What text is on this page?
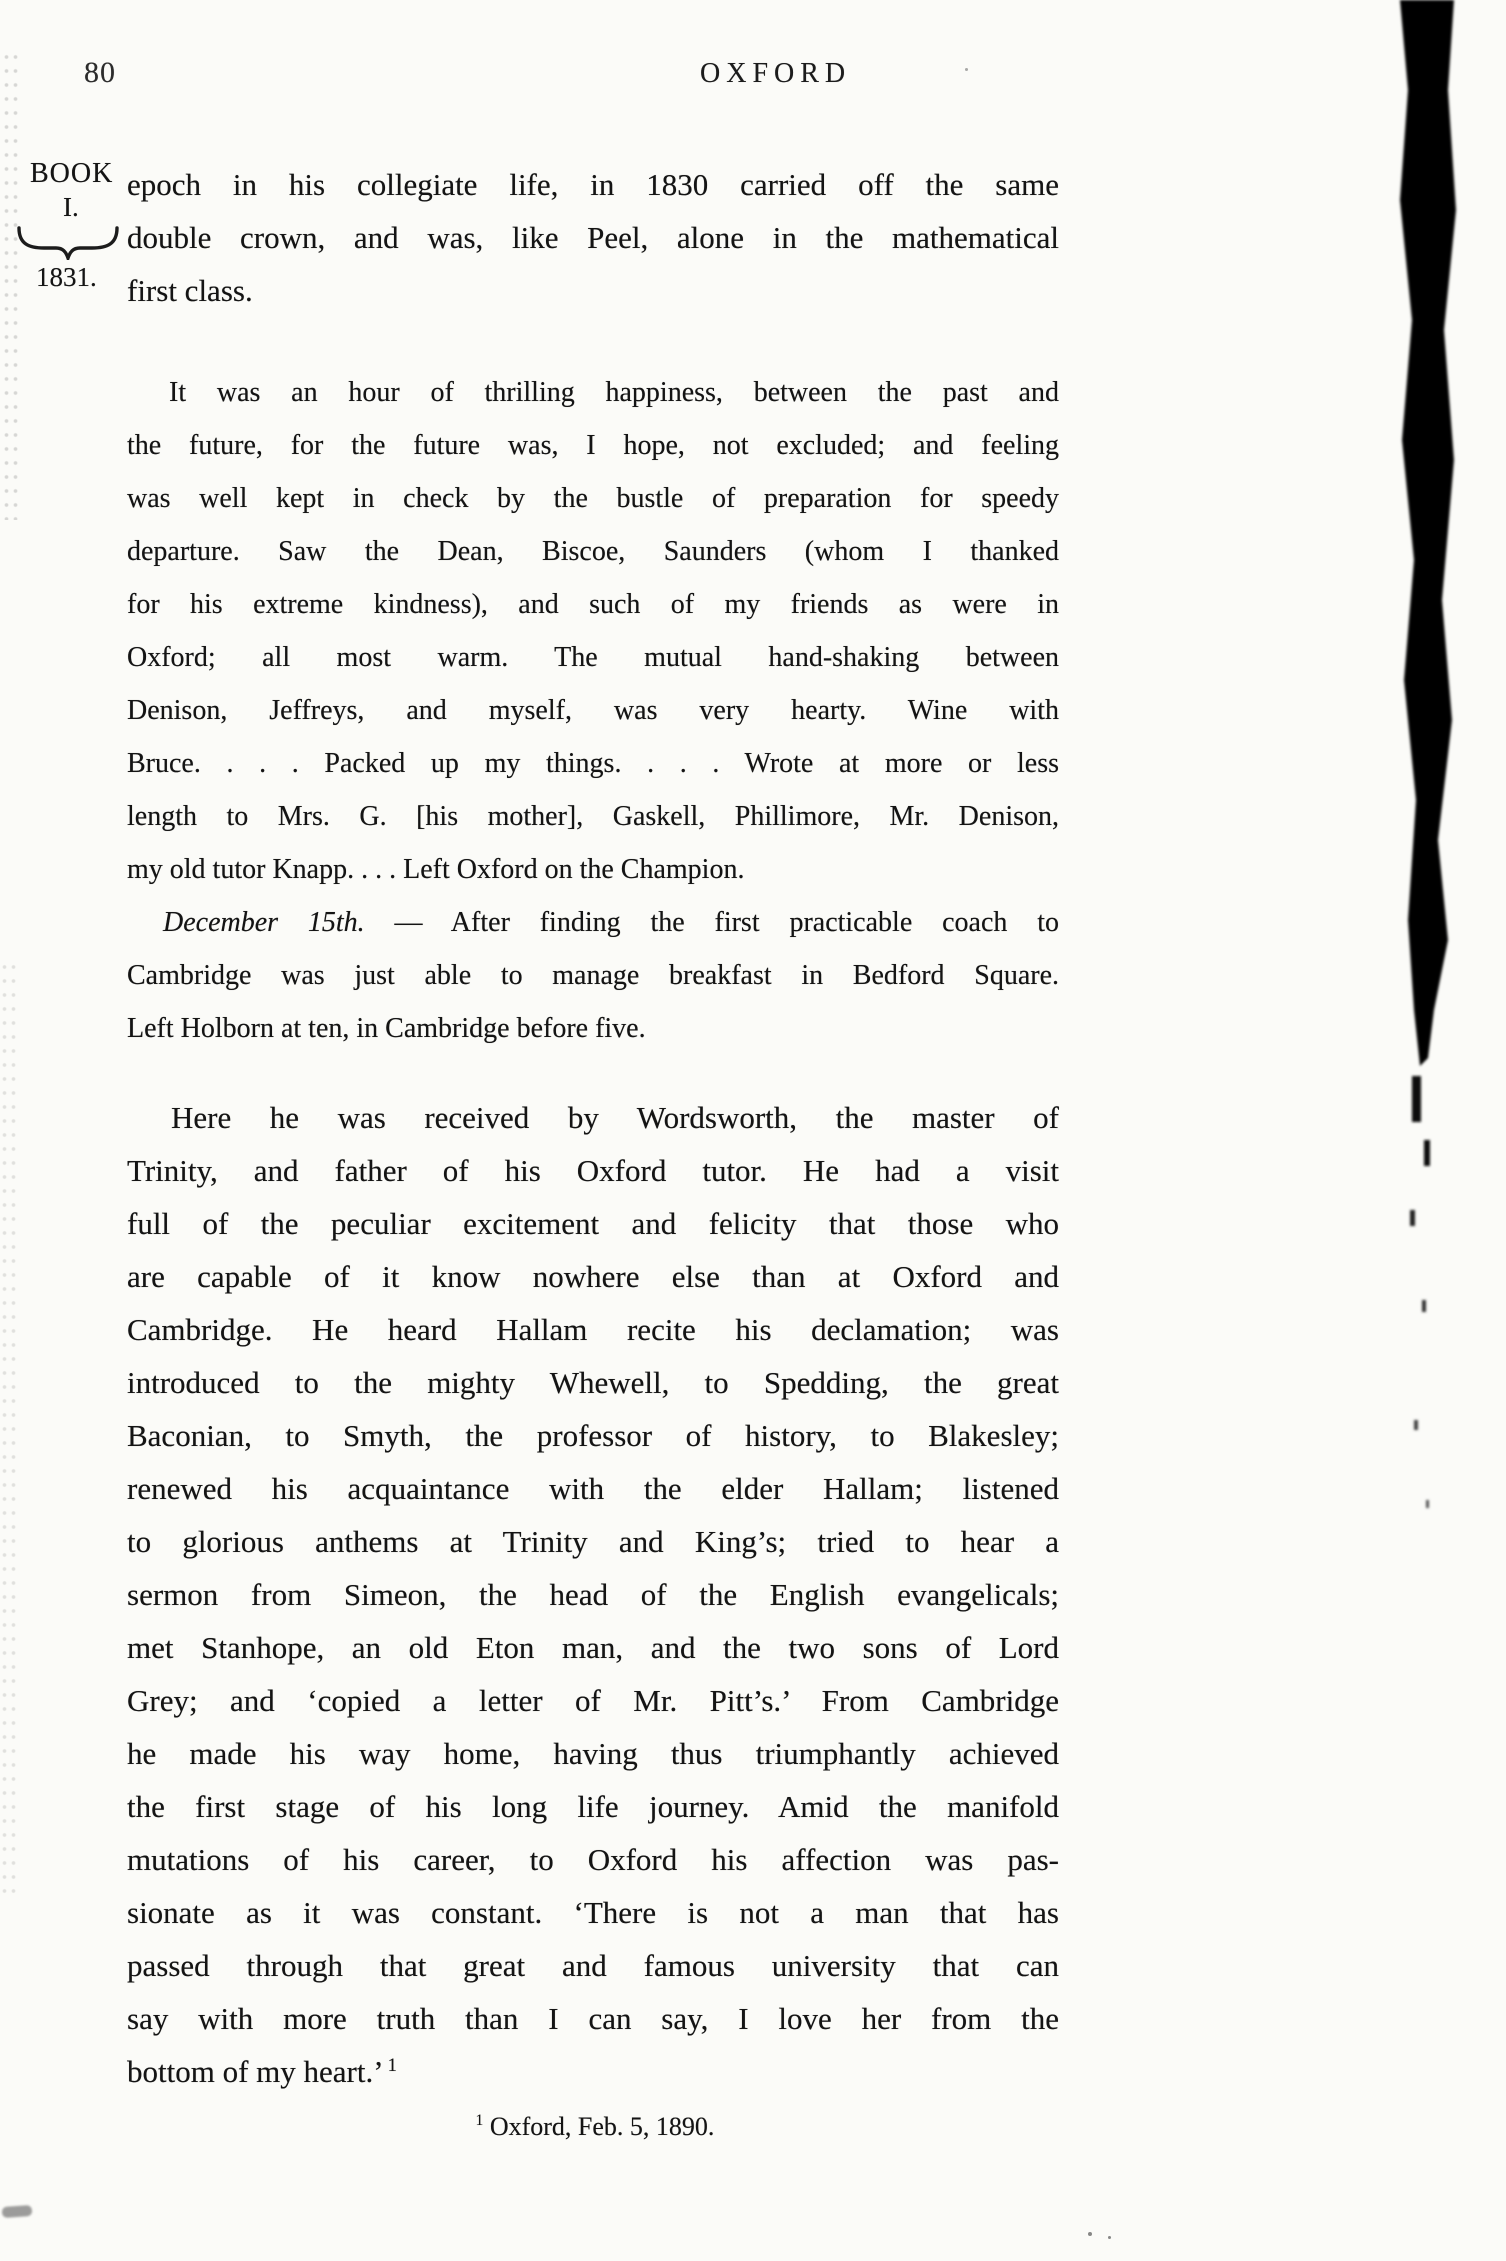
80	OXFORD
BOOK
I.
1831.
epoch in his collegiate life, in 1830 carried off the same
double crown, and was, like Peel, alone in the mathematical
first class.
It was an hour of thrilling happiness, between the past and
the future, for the future was, I hope, not excluded; and feeling
was well kept in check by the bustle of preparation for speedy
departure. Saw the Dean, Biscoe, Saunders (whom I thanked
for his extreme kindness), and such of my friends as were in
Oxford; all most warm. The mutual hand-shaking between
Denison, Jeffreys, and myself, was very hearty. Wine with
Bruce. . . . Packed up my things. . . . Wrote at more or less
length to Mrs. G. [his mother], Gaskell, Phillimore, Mr. Denison,
my old tutor Knapp. . . . Left Oxford on the Champion.
December 15th. — After finding the first practicable coach to
Cambridge was just able to manage breakfast in Bedford Square.
Left Holborn at ten, in Cambridge before five.
Here he was received by Wordsworth, the master of
Trinity, and father of his Oxford tutor. He had a visit
full of the peculiar excitement and felicity that those who
are capable of it know nowhere else than at Oxford and
Cambridge. He heard Hallam recite his declamation; was
introduced to the mighty Whewell, to Spedding, the great
Baconian, to Smyth, the professor of history, to Blakesley;
renewed his acquaintance with the elder Hallam; listened
to glorious anthems at Trinity and King’s; tried to hear a
sermon from Simeon, the head of the English evangelicals;
met Stanhope, an old Eton man, and the two sons of Lord
Grey; and ‘copied a letter of Mr. Pitt’s.’ From Cambridge
he made his way home, having thus triumphantly achieved
the first stage of his long life journey. Amid the manifold
mutations of his career, to Oxford his affection was pas-
sionate as it was constant. ‘There is not a man that has
passed through that great and famous university that can
say with more truth than I can say, I love her from the
bottom of my heart.’ $^1$
$^1$ Oxford, Feb. 5, 1890.
